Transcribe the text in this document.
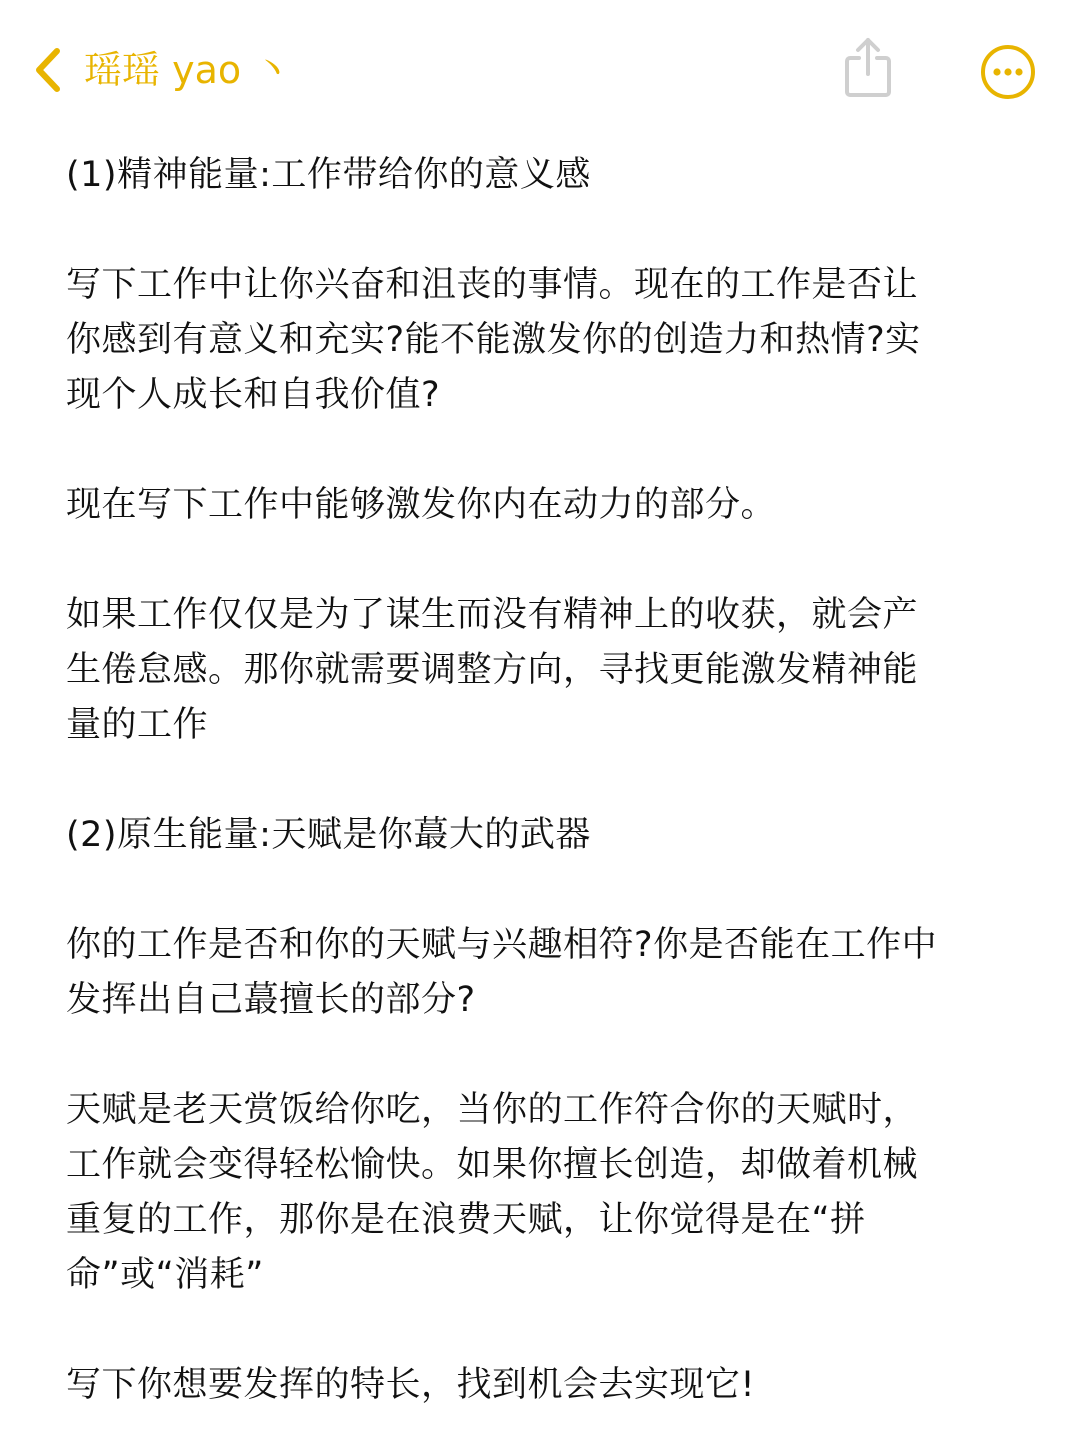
瑶瑶 yao 丶

(1)精神能量:工作带给你的意义感

写下工作中让你兴奋和沮丧的事情。现在的工作是否让
你感到有意义和充实?能不能激发你的创造力和热情?实
现个人成长和自我价值?

现在写下工作中能够激发你内在动力的部分。

如果工作仅仅是为了谋生而没有精神上的收获，就会产
生倦怠感。那你就需要调整方向，寻找更能激发精神能
量的工作

(2)原生能量:天赋是你蕞大的武器

你的工作是否和你的天赋与兴趣相符?你是否能在工作中
发挥出自己蕞擅长的部分?

天赋是老天赏饭给你吃，当你的工作符合你的天赋时，
工作就会变得轻松愉快。如果你擅长创造，却做着机械
重复的工作，那你是在浪费天赋，让你觉得是在“拼
命”或“消耗”

写下你想要发挥的特长，找到机会去实现它!
